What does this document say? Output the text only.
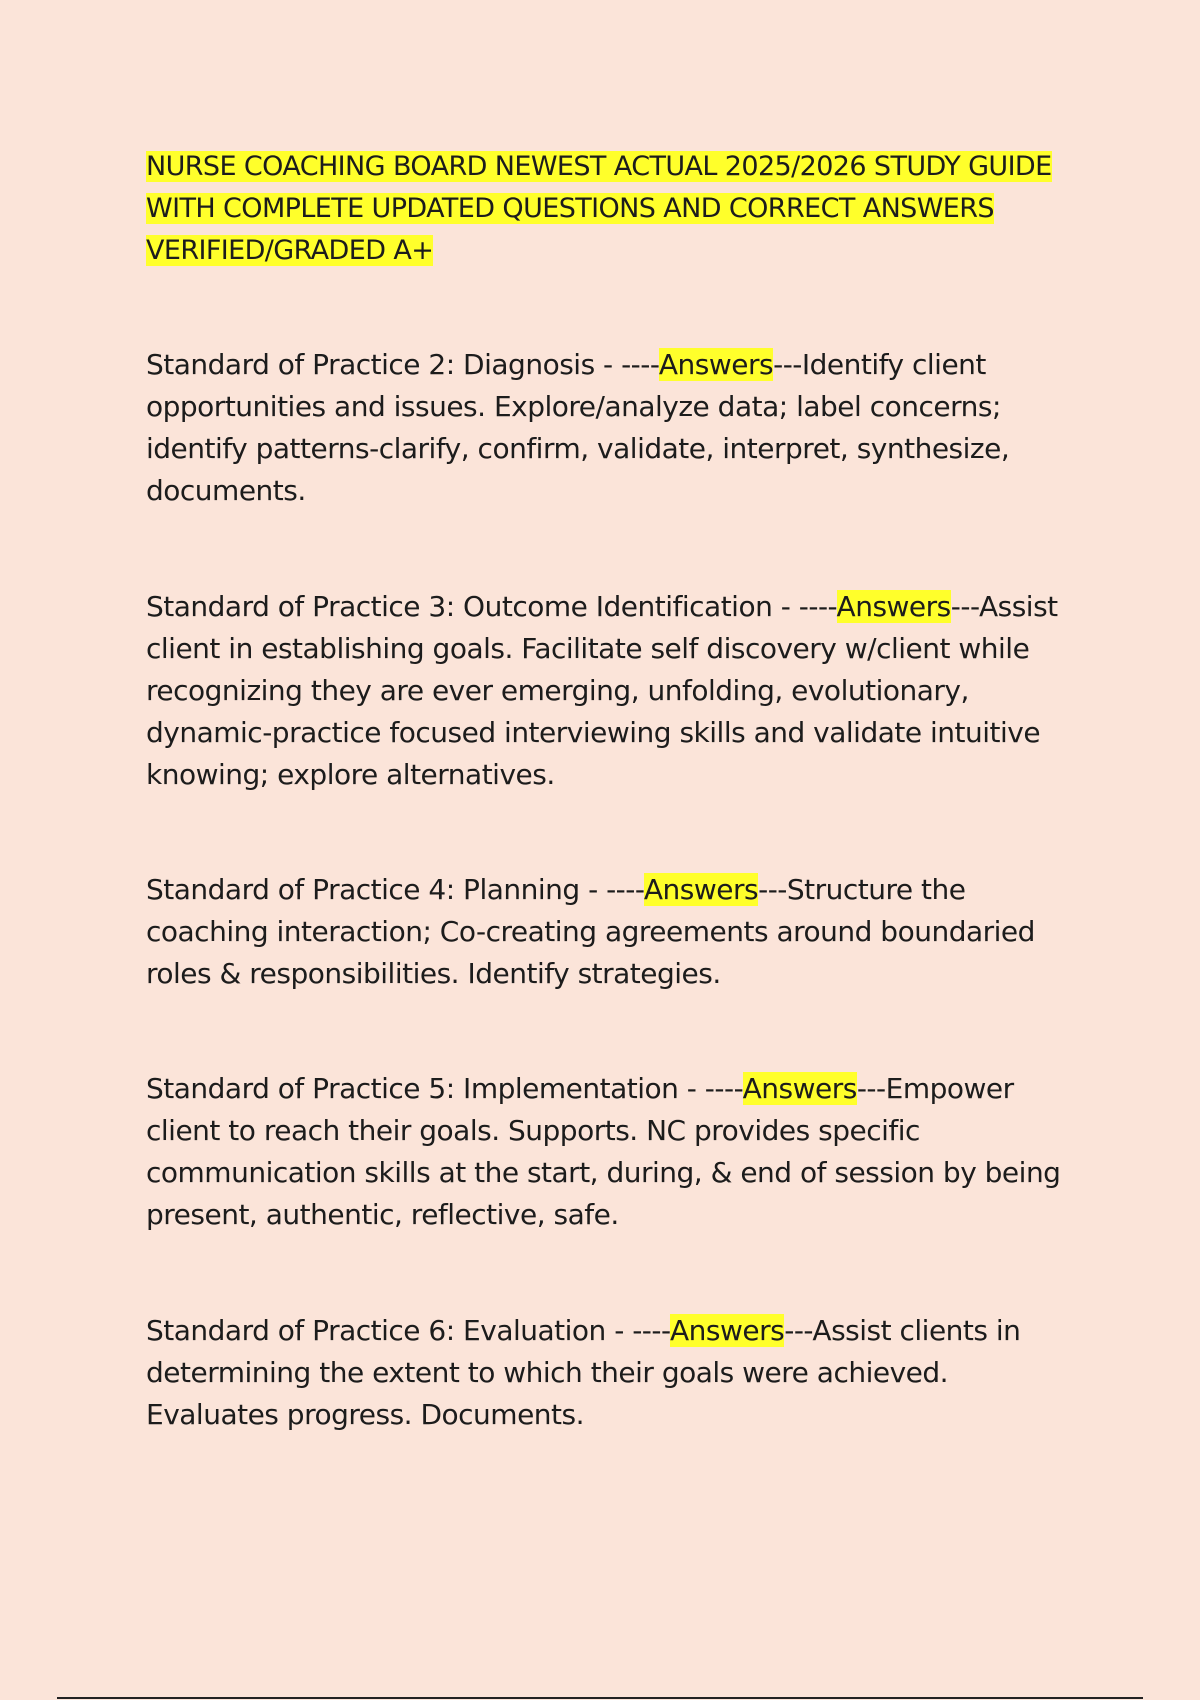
NURSE COACHING BOARD NEWEST ACTUAL 2025/2026 STUDY GUIDE WITH COMPLETE UPDATED QUESTIONS AND CORRECT ANSWERS VERIFIED/GRADED A+

Standard of Practice 2: Diagnosis - ----Answers---Identify client opportunities and issues. Explore/analyze data; label concerns; identify patterns-clarify, confirm, validate, interpret, synthesize, documents.

Standard of Practice 3: Outcome Identification - ----Answers---Assist client in establishing goals. Facilitate self discovery w/client while recognizing they are ever emerging, unfolding, evolutionary, dynamic-practice focused interviewing skills and validate intuitive knowing; explore alternatives.

Standard of Practice 4: Planning - ----Answers---Structure the coaching interaction; Co-creating agreements around boundaried roles & responsibilities. Identify strategies.

Standard of Practice 5: Implementation - ----Answers---Empower client to reach their goals. Supports. NC provides specific communication skills at the start, during, & end of session by being present, authentic, reflective, safe.

Standard of Practice 6: Evaluation - ----Answers---Assist clients in determining the extent to which their goals were achieved. Evaluates progress. Documents.
